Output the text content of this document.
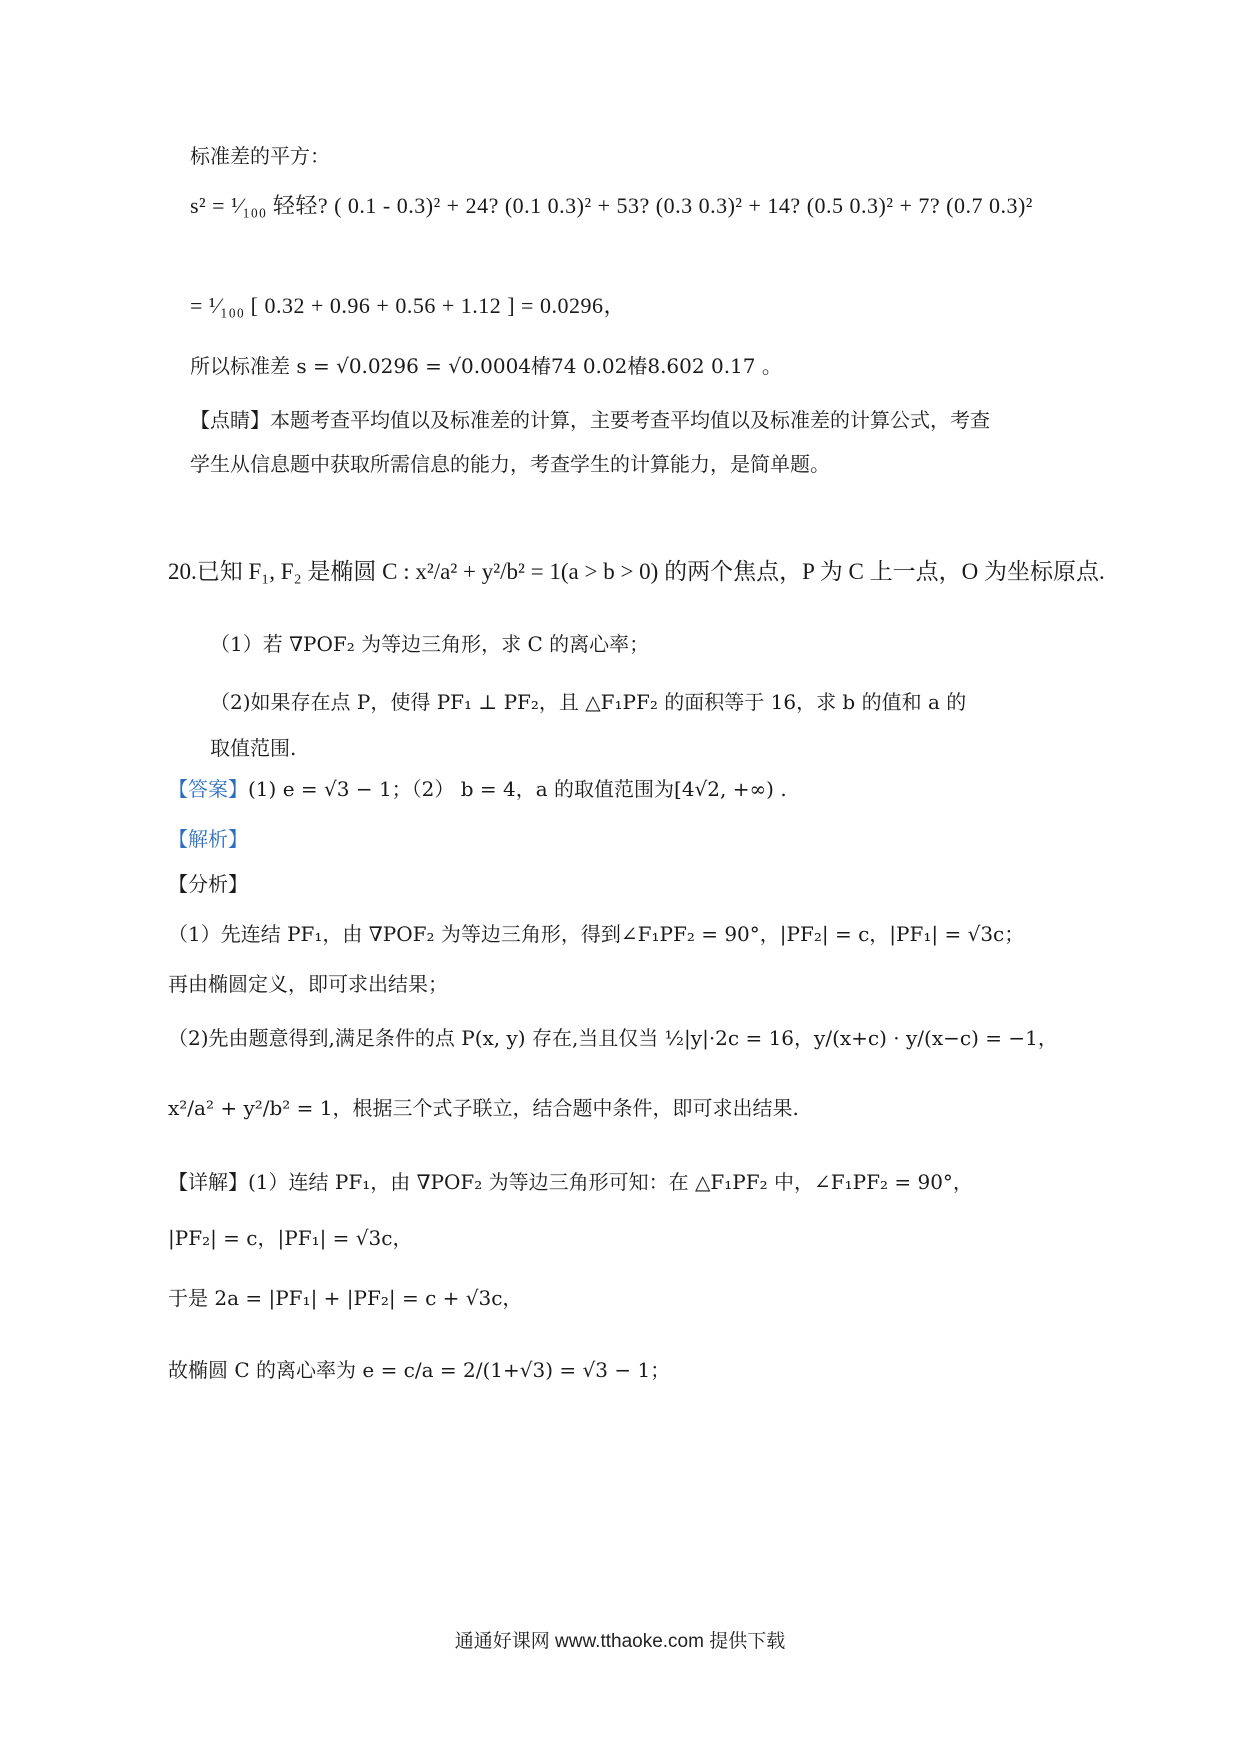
标准差的平方：
s² = ¹⁄₁₀₀ 轻轻? ( 0.1 - 0.3)² + 24? (0.1 0.3)² + 53? (0.3 0.3)² + 14? (0.5 0.3)² + 7? (0.7 0.3)²
= ¹⁄₁₀₀ [ 0.32 + 0.96 + 0.56 + 1.12 ] = 0.0296，
所以标准差 s = √0.0296 = √0.0004椿74 0.02椿8.602 0.17 。
【点睛】本题考查平均值以及标准差的计算，主要考查平均值以及标准差的计算公式，考查
学生从信息题中获取所需信息的能力，考查学生的计算能力，是简单题。
20.已知 F₁, F₂ 是椭圆 C : x²/a² + y²/b² = 1(a > b > 0) 的两个焦点，P 为 C 上一点，O 为坐标原点.
（1）若 ∇POF₂ 为等边三角形，求 C 的离心率；
（2)如果存在点 P，使得 PF₁ ⊥ PF₂，且 △F₁PF₂ 的面积等于 16，求 b 的值和 a 的
取值范围.
【答案】(1) e = √3 − 1；（2） b = 4，a 的取值范围为[4√2, +∞) .
【解析】
【分析】
（1）先连结 PF₁，由 ∇POF₂ 为等边三角形，得到∠F₁PF₂ = 90°，|PF₂| = c，|PF₁| = √3c；
再由椭圆定义，即可求出结果；
（2)先由题意得到,满足条件的点 P(x, y) 存在,当且仅当 ½|y|·2c = 16，y/(x+c) · y/(x−c) = −1，
x²/a² + y²/b² = 1，根据三个式子联立，结合题中条件，即可求出结果.
【详解】(1）连结 PF₁，由 ∇POF₂ 为等边三角形可知：在 △F₁PF₂ 中，∠F₁PF₂ = 90°，
|PF₂| = c，|PF₁| = √3c，
于是 2a = |PF₁| + |PF₂| = c + √3c，
故椭圆 C 的离心率为 e = c/a = 2/(1+√3) = √3 − 1；
通通好课网 www.tthaoke.com 提供下载
